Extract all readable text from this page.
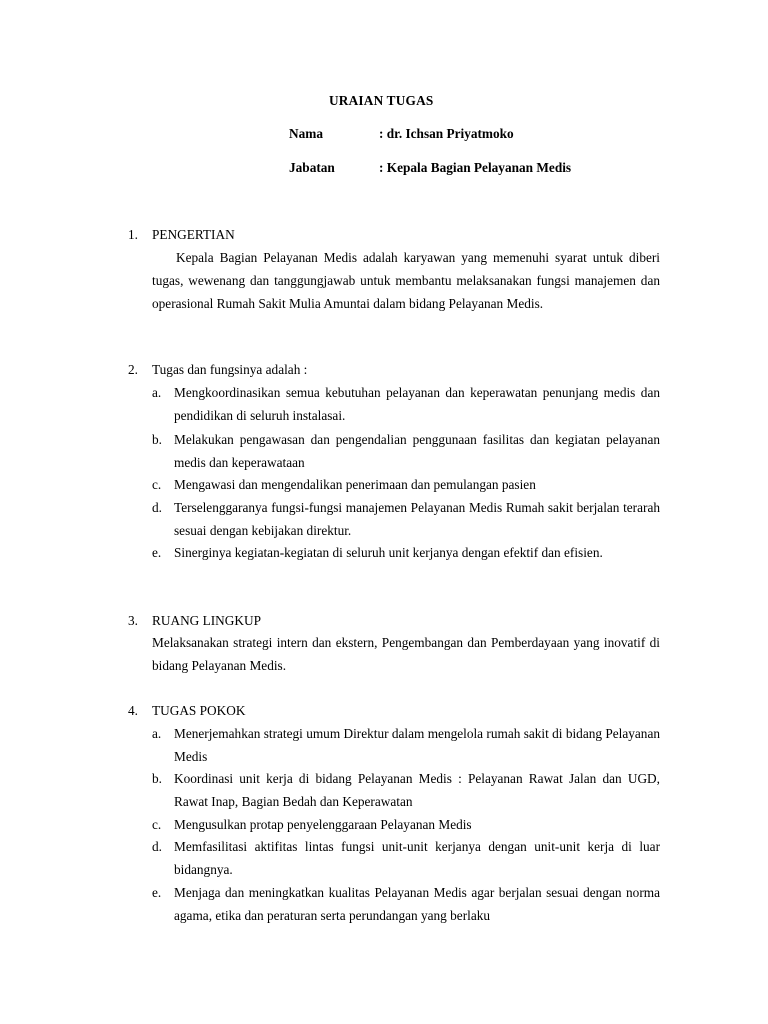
URAIAN TUGAS
Nama	: dr. Ichsan Priyatmoko
Jabatan	: Kepala Bagian Pelayanan Medis
1. PENGERTIAN
Kepala Bagian Pelayanan Medis adalah karyawan yang memenuhi syarat untuk diberi tugas, wewenang dan tanggungjawab untuk membantu melaksanakan fungsi manajemen dan operasional Rumah Sakit Mulia Amuntai dalam bidang Pelayanan Medis.
2. Tugas dan fungsinya adalah :
a. Mengkoordinasikan semua kebutuhan pelayanan dan keperawatan penunjang medis dan pendidikan di seluruh instalasai.
b. Melakukan pengawasan dan pengendalian penggunaan fasilitas dan kegiatan pelayanan medis dan keperawataan
c. Mengawasi dan mengendalikan penerimaan dan pemulangan pasien
d. Terselenggaranya fungsi-fungsi manajemen Pelayanan Medis Rumah sakit berjalan terarah sesuai dengan kebijakan direktur.
e. Sinerginya kegiatan-kegiatan di seluruh unit kerjanya dengan efektif dan efisien.
3. RUANG LINGKUP
Melaksanakan strategi intern dan ekstern, Pengembangan dan Pemberdayaan yang inovatif di bidang Pelayanan Medis.
4. TUGAS POKOK
a. Menerjemahkan strategi umum Direktur dalam mengelola rumah sakit di bidang Pelayanan Medis
b. Koordinasi unit kerja di bidang Pelayanan Medis : Pelayanan Rawat Jalan dan UGD, Rawat Inap, Bagian Bedah dan Keperawatan
c. Mengusulkan protap penyelenggaraan Pelayanan Medis
d. Memfasilitasi aktifitas lintas fungsi unit-unit kerjanya dengan unit-unit kerja di luar bidangnya.
e. Menjaga dan meningkatkan kualitas Pelayanan Medis agar berjalan sesuai dengan norma agama, etika dan peraturan serta perundangan yang berlaku
